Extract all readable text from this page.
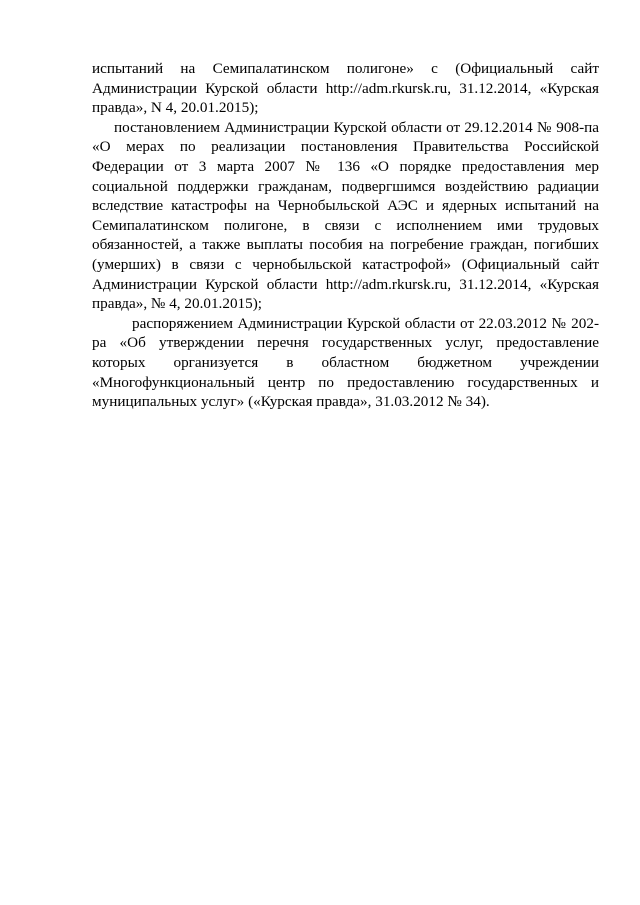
испытаний на Семипалатинском полигоне» с (Официальный сайт Администрации Курской области http://adm.rkursk.ru, 31.12.2014, «Курская правда», N 4, 20.01.2015);

постановлением Администрации Курской области от 29.12.2014 № 908-па «О мерах по реализации постановления Правительства Российской Федерации от 3 марта 2007 № 136 «О порядке предоставления мер социальной поддержки гражданам, подвергшимся воздействию радиации вследствие катастрофы на Чернобыльской АЭС и ядерных испытаний на Семипалатинском полигоне, в связи с исполнением ими трудовых обязанностей, а также выплаты пособия на погребение граждан, погибших (умерших) в связи с чернобыльской катастрофой» (Официальный сайт Администрации Курской области http://adm.rkursk.ru, 31.12.2014, «Курская правда», № 4, 20.01.2015);

распоряжением Администрации Курской области от 22.03.2012 № 202-ра «Об утверждении перечня государственных услуг, предоставление которых организуется в областном бюджетном учреждении «Многофункциональный центр по предоставлению государственных и муниципальных услуг» («Курская правда», 31.03.2012 № 34).
